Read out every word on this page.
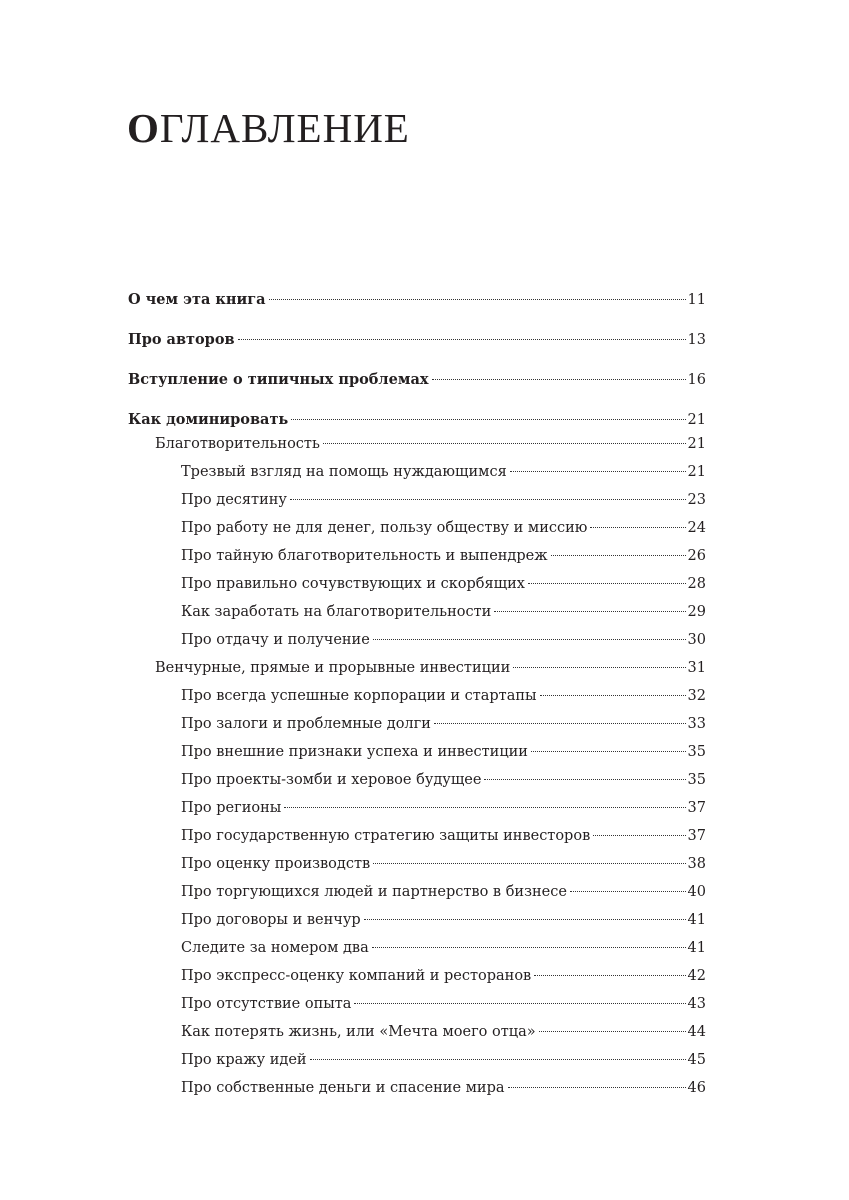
ОГЛАВЛЕНИЕ
О чем эта книга	11
Про авторов	13
Вступление о типичных проблемах	16
Как доминировать	21
Благотворительность	21
Трезвый взгляд на помощь нуждающимся	21
Про десятину	23
Про работу не для денег, пользу обществу и миссию	24
Про тайную благотворительность и выпендреж	26
Про правильно сочувствующих и скорбящих	28
Как заработать на благотворительности	29
Про отдачу и получение	30
Венчурные, прямые и прорывные инвестиции	31
Про всегда успешные корпорации и стартапы	32
Про залоги и проблемные долги	33
Про внешние признаки успеха и инвестиции	35
Про проекты-зомби и херовое будущее	35
Про регионы	37
Про государственную стратегию защиты инвесторов	37
Про оценку производств	38
Про торгующихся людей и партнерство в бизнесе	40
Про договоры и венчур	41
Следите за номером два	41
Про экспресс-оценку компаний и ресторанов	42
Про отсутствие опыта	43
Как потерять жизнь, или «Мечта моего отца»	44
Про кражу идей	45
Про собственные деньги и спасение мира	46
